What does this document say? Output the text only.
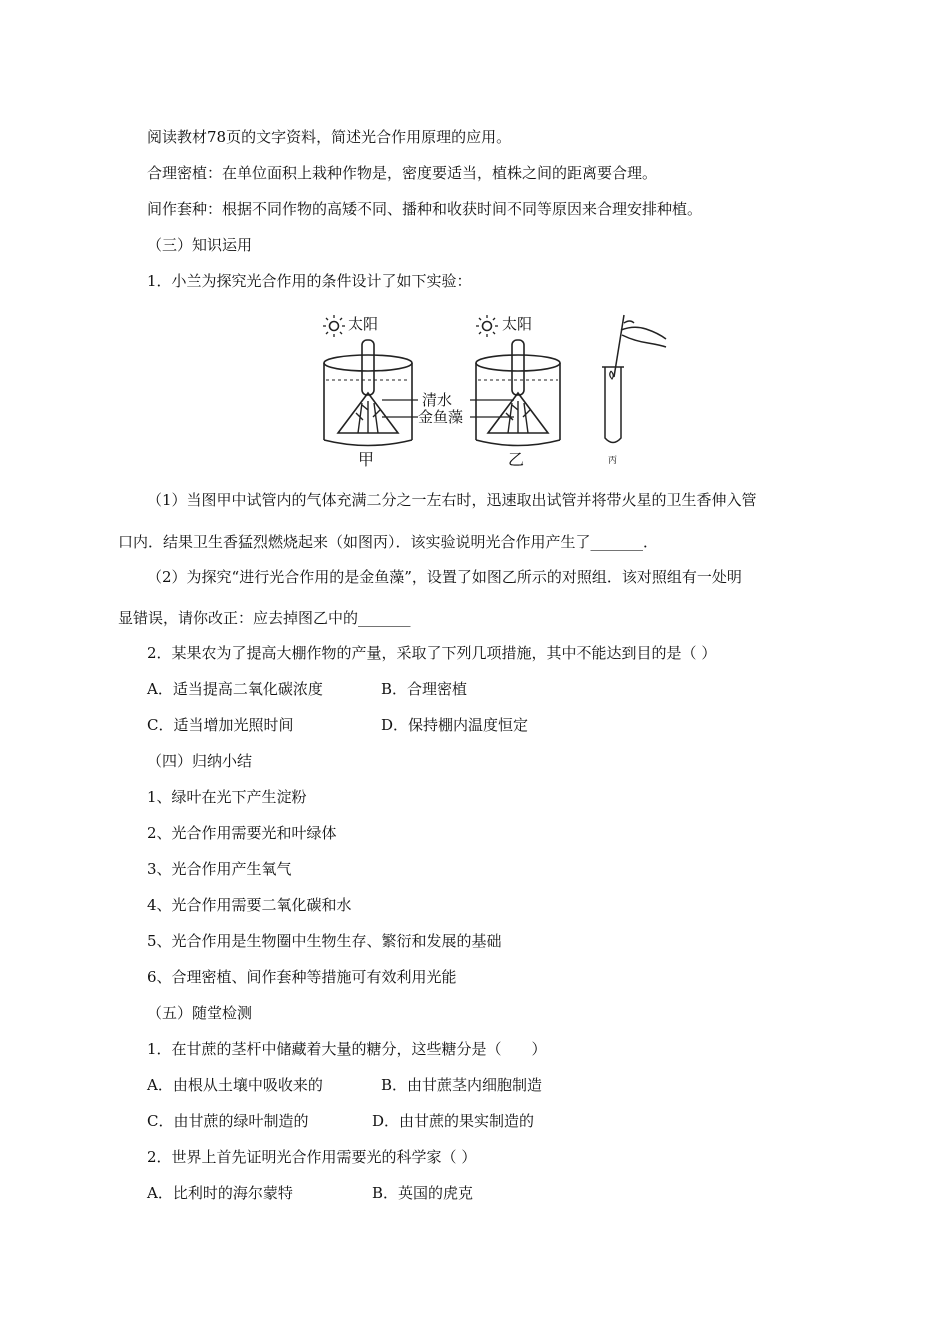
阅读教材78页的文字资料，简述光合作用原理的应用。
合理密植：在单位面积上栽种作物是，密度要适当，植株之间的距离要合理。
间作套种：根据不同作物的高矮不同、播种和收获时间不同等原因来合理安排种植。
（三）知识运用
1．小兰为探究光合作用的条件设计了如下实验：
太阳
甲
太阳
乙
清水
金鱼藻
丙
（1）当图甲中试管内的气体充满二分之一左右时，迅速取出试管并将带火星的卫生香伸入管
口内．结果卫生香猛烈燃烧起来（如图丙）．该实验说明光合作用产生了_______．
（2）为探究“进行光合作用的是金鱼藻”，设置了如图乙所示的对照组．该对照组有一处明
显错误，请你改正：应去掉图乙中的_______
2．某果农为了提高大棚作物的产量，采取了下列几项措施，其中不能达到目的是（ ）
A．适当提高二氧化碳浓度	B．合理密植
C．适当增加光照时间	D．保持棚内温度恒定
（四）归纳小结
1、绿叶在光下产生淀粉
2、光合作用需要光和叶绿体
3、光合作用产生氧气
4、光合作用需要二氧化碳和水
5、光合作用是生物圈中生物生存、繁衍和发展的基础
6、合理密植、间作套种等措施可有效利用光能
（五）随堂检测
1．在甘蔗的茎杆中储藏着大量的糖分，这些糖分是（　　）
A．由根从土壤中吸收来的	B．由甘蔗茎内细胞制造
C．由甘蔗的绿叶制造的	D．由甘蔗的果实制造的
2．世界上首先证明光合作用需要光的科学家（ ）
A．比利时的海尔蒙特	B．英国的虎克
